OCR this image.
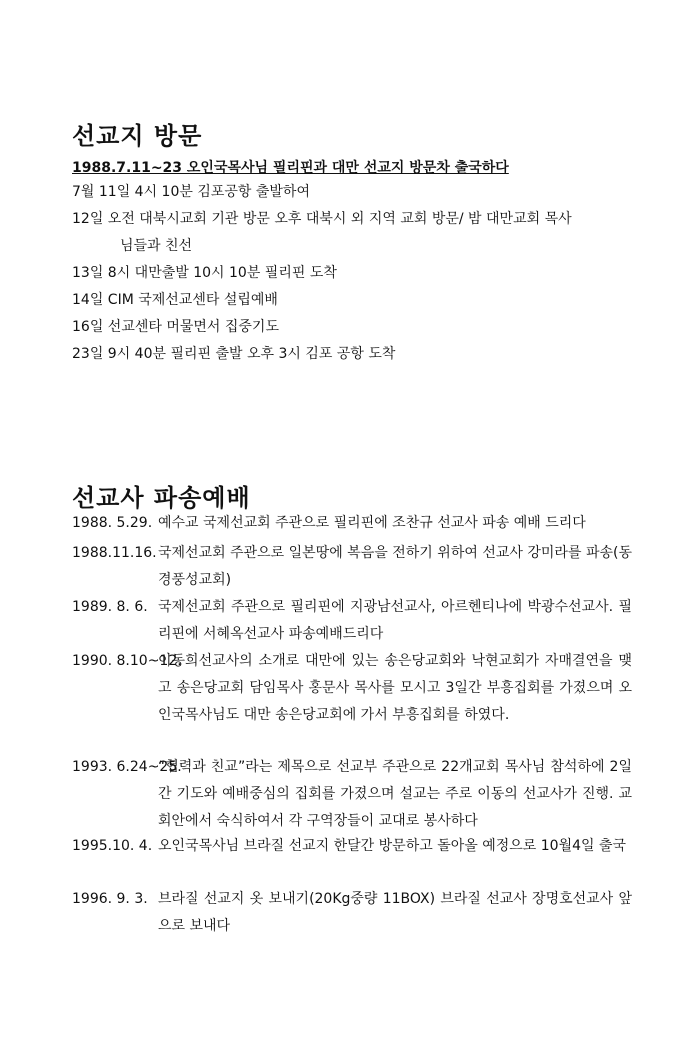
선교지 방문
1988.7.11~23 오인국목사님 필리핀과 대만 선교지 방문차 출국하다
7월 11일 4시 10분 김포공항 출발하여
12일 오전 대북시교회 기관 방문 오후 대북시 외 지역 교회 방문/ 밤 대만교회 목사
님들과 친선
13일 8시 대만출발 10시 10분 필리핀 도착
14일 CIM 국제선교센타 설립예배
16일 선교센타 머물면서 집중기도
23일 9시 40분 필리핀 출발 오후 3시 김포 공항 도착
선교사 파송예배
1988. 5.29. 예수교 국제선교회 주관으로 필리핀에 조찬규 선교사 파송 예배 드리다
1988.11.16. 국제선교회 주관으로 일본땅에 복음을 전하기 위하여 선교사 강미라를 파송(동경풍성교회)
1989. 8. 6. 국제선교회 주관으로 필리핀에 지광남선교사, 아르헨티나에 박광수선교사. 필리핀에 서혜옥선교사 파송예배드리다
1990. 8.10~12.
이동희선교사의 소개로 대만에 있는 송은당교회와 낙현교회가 자매결연을 맺고 송은당교회 담임목사 홍문사 목사를 모시고 3일간 부흥집회를 가졌으며 오인국목사님도 대만 송은당교회에 가서 부흥집회를 하였다.
1993. 6.24~25.
“협력과 친교”라는 제목으로 선교부 주관으로 22개교회 목사님 참석하에 2일간 기도와 예배중심의 집회를 가졌으며 설교는 주로 이동의 선교사가 진행. 교회안에서 숙식하여서 각 구역장들이 교대로 봉사하다
1995.10. 4. 오인국목사님 브라질 선교지 한달간 방문하고 돌아올 예정으로 10월4일 출국
1996. 9. 3. 브라질 선교지 옷 보내기(20Kg중량 11BOX) 브라질 선교사 장명호선교사 앞으로 보내다
